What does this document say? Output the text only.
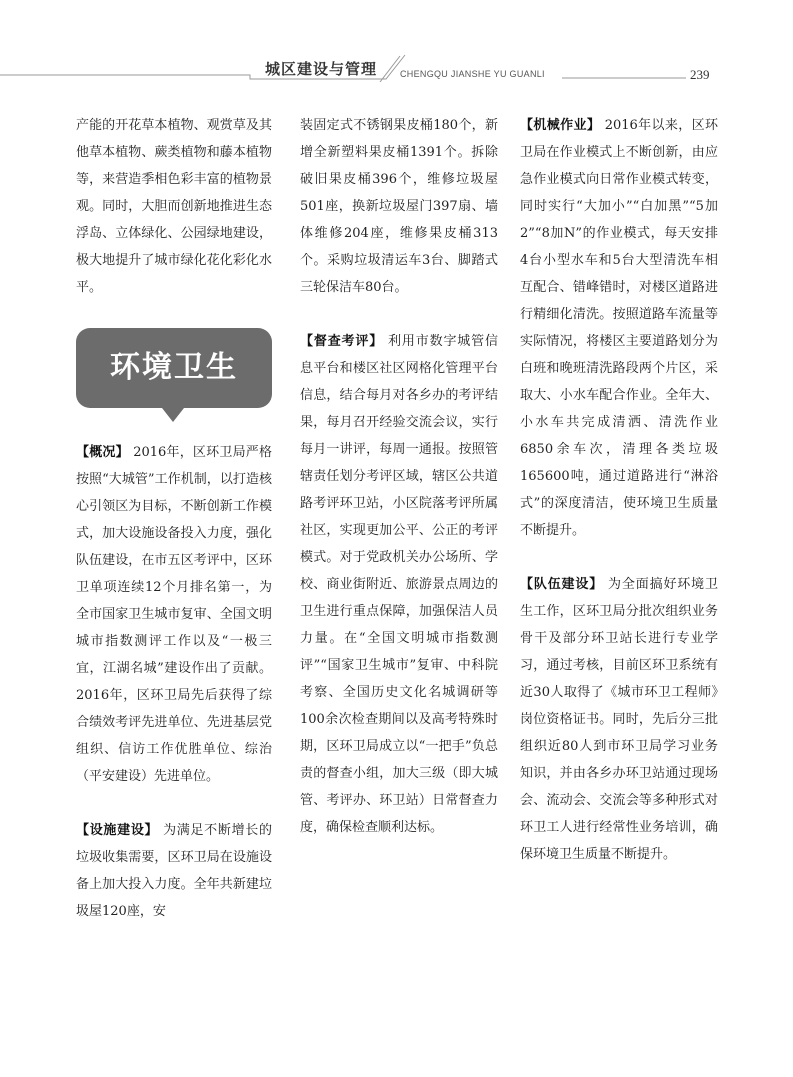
城区建设与管理	CHENGQU JIANSHE YU GUANLI	239

产能的开花草本植物、观赏草及其他草本植物、蕨类植物和藤本植物等，来营造季相色彩丰富的植物景观。同时，大胆而创新地推进生态浮岛、立体绿化、公园绿地建设，极大地提升了城市绿化花化彩化水平。

环境卫生

【概况】 2016年，区环卫局严格按照“大城管”工作机制，以打造核心引领区为目标，不断创新工作模式，加大设施设备投入力度，强化队伍建设，在市五区考评中，区环卫单项连续12个月排名第一，为全市国家卫生城市复审、全国文明城市指数测评工作以及“一极三宜，江湖名城”建设作出了贡献。2016年，区环卫局先后获得了综合绩效考评先进单位、先进基层党组织、信访工作优胜单位、综治（平安建设）先进单位。

【设施建设】 为满足不断增长的垃圾收集需要，区环卫局在设施设备上加大投入力度。全年共新建垃圾屋120座，安

装固定式不锈钢果皮桶180个，新增全新塑料果皮桶1391个。拆除破旧果皮桶396个，维修垃圾屋501座，换新垃圾屋门397扇、墙体维修204座，维修果皮桶313个。采购垃圾清运车3台、脚踏式三轮保洁车80台。

【督查考评】 利用市数字城管信息平台和楼区社区网格化管理平台信息，结合每月对各乡办的考评结果，每月召开经验交流会议，实行每月一讲评，每周一通报。按照管辖责任划分考评区域，辖区公共道路考评环卫站，小区院落考评所属社区，实现更加公平、公正的考评模式。对于党政机关办公场所、学校、商业街附近、旅游景点周边的卫生进行重点保障，加强保洁人员力量。在“全国文明城市指数测评”“国家卫生城市”复审、中科院考察、全国历史文化名城调研等100余次检查期间以及高考特殊时期，区环卫局成立以“一把手”负总责的督查小组，加大三级（即大城管、考评办、环卫站）日常督查力度，确保检查顺利达标。

【机械作业】 2016年以来，区环卫局在作业模式上不断创新，由应急作业模式向日常作业模式转变，同时实行“大加小”“白加黑”“5加2”“8加N”的作业模式，每天安排4台小型水车和5台大型清洗车相互配合、错峰错时，对楼区道路进行精细化清洗。按照道路车流量等实际情况，将楼区主要道路划分为白班和晚班清洗路段两个片区，采取大、小水车配合作业。全年大、小水车共完成清洒、清洗作业6850余车次，清理各类垃圾165600吨，通过道路进行“淋浴式”的深度清洁，使环境卫生质量不断提升。

【队伍建设】 为全面搞好环境卫生工作，区环卫局分批次组织业务骨干及部分环卫站长进行专业学习，通过考核，目前区环卫系统有近30人取得了《城市环卫工程师》岗位资格证书。同时，先后分三批组织近80人到市环卫局学习业务知识，并由各乡办环卫站通过现场会、流动会、交流会等多种形式对环卫工人进行经常性业务培训，确保环境卫生质量不断提升。
